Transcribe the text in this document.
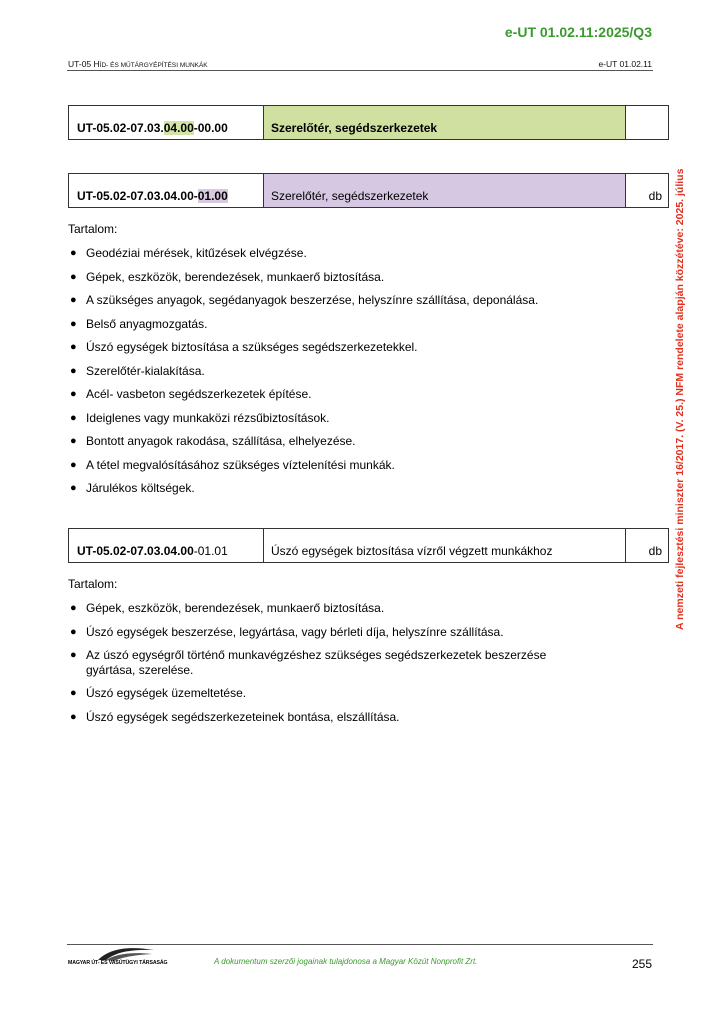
e-UT 01.02.11:2025/Q3
UT-05 HÍD- ÉS MŰTÁRGYÉPÍTÉSI MUNKÁK	e-UT 01.02.11
A nemzeti fejlesztési miniszter 16/2017. (V. 25.) NFM rendelete alapján közzétéve: 2025. július
UT-05.02-07.03.04.00-00.00	Szerelőtér, segédszerkezetek	
UT-05.02-07.03.04.00-01.00	Szerelőtér, segédszerkezetek	db
Tartalom:
● Geodéziai mérések, kitűzések elvégzése.
● Gépek, eszközök, berendezések, munkaerő biztosítása.
● A szükséges anyagok, segédanyagok beszerzése, helyszínre szállítása, deponálása.
● Belső anyagmozgatás.
● Úszó egységek biztosítása a szükséges segédszerkezetekkel.
● Szerelőtér-kialakítása.
● Acél- vasbeton segédszerkezetek építése.
● Ideiglenes vagy munkaközi rézsűbiztosítások.
● Bontott anyagok rakodása, szállítása, elhelyezése.
● A tétel megvalósításához szükséges víztelenítési munkák.
● Járulékos költségek.
UT-05.02-07.03.04.00-01.01	Úszó egységek biztosítása vízről végzett munkákhoz	db
Tartalom:
● Gépek, eszközök, berendezések, munkaerő biztosítása.
● Úszó egységek beszerzése, legyártása, vagy bérleti díja, helyszínre szállítása.
● Az úszó egységről történő munkavégzéshez szükséges segédszerkezetek beszerzése gyártása, szerelése.
● Úszó egységek üzemeltetése.
● Úszó egységek segédszerkezeteinek bontása, elszállítása.
MAGYAR ÚT- ÉS VASÚTÜGYI TÁRSASÁG	A dokumentum szerzői jogainak tulajdonosa a Magyar Közút Nonprofit Zrt.	255
